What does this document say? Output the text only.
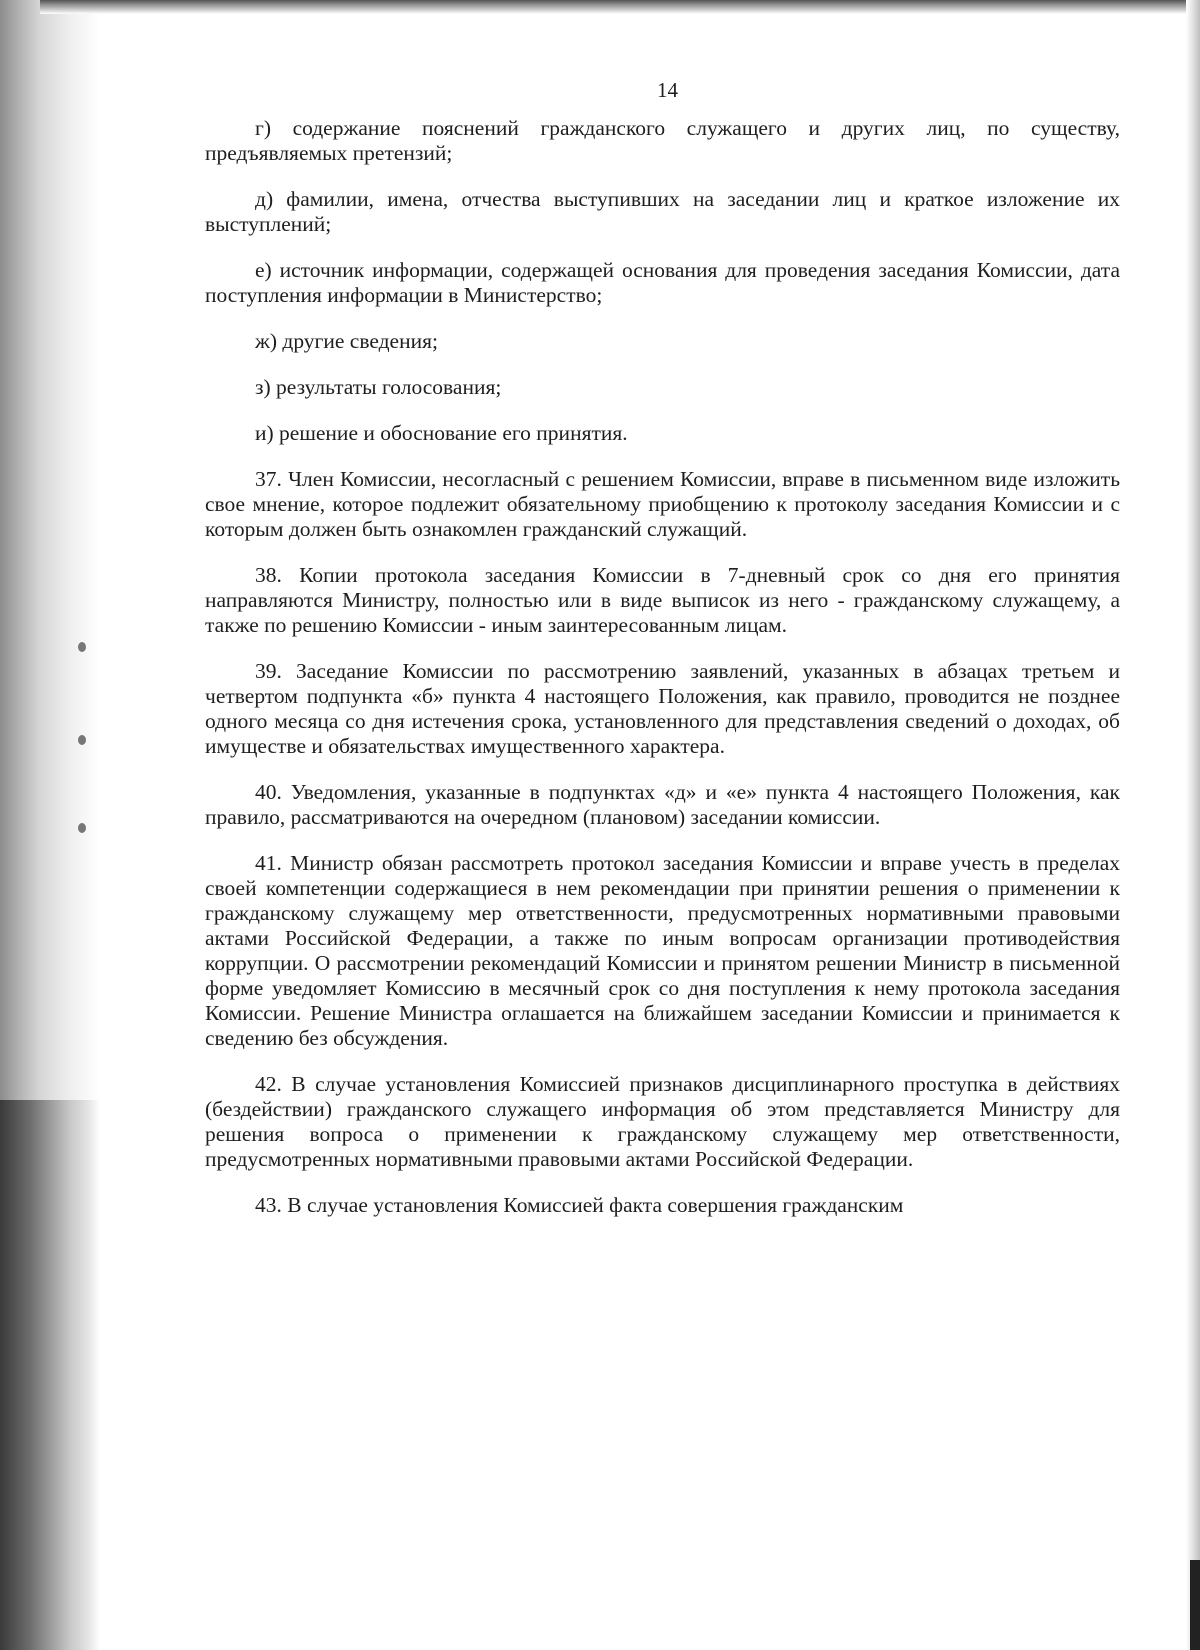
14

г) содержание пояснений гражданского служащего и других лиц, по существу, предъявляемых претензий;

д) фамилии, имена, отчества выступивших на заседании лиц и краткое изложение их выступлений;

е) источник информации, содержащей основания для проведения заседания Комиссии, дата поступления информации в Министерство;

ж) другие сведения;

з) результаты голосования;

и) решение и обоснование его принятия.

37. Член Комиссии, несогласный с решением Комиссии, вправе в письменном виде изложить свое мнение, которое подлежит обязательному приобщению к протоколу заседания Комиссии и с которым должен быть ознакомлен гражданский служащий.

38. Копии протокола заседания Комиссии в 7-дневный срок со дня его принятия направляются Министру, полностью или в виде выписок из него - гражданскому служащему, а также по решению Комиссии - иным заинтересованным лицам.

39. Заседание Комиссии по рассмотрению заявлений, указанных в абзацах третьем и четвертом подпункта «б» пункта 4 настоящего Положения, как правило, проводится не позднее одного месяца со дня истечения срока, установленного для представления сведений о доходах, об имуществе и обязательствах имущественного характера.

40. Уведомления, указанные в подпунктах «д» и «е» пункта 4 настоящего Положения, как правило, рассматриваются на очередном (плановом) заседании комиссии.

41. Министр обязан рассмотреть протокол заседания Комиссии и вправе учесть в пределах своей компетенции содержащиеся в нем рекомендации при принятии решения о применении к гражданскому служащему мер ответственности, предусмотренных нормативными правовыми актами Российской Федерации, а также по иным вопросам организации противодействия коррупции. О рассмотрении рекомендаций Комиссии и принятом решении Министр в письменной форме уведомляет Комиссию в месячный срок со дня поступления к нему протокола заседания Комиссии. Решение Министра оглашается на ближайшем заседании Комиссии и принимается к сведению без обсуждения.

42. В случае установления Комиссией признаков дисциплинарного проступка в действиях (бездействии) гражданского служащего информация об этом представляется Министру для решения вопроса о применении к гражданскому служащему мер ответственности, предусмотренных нормативными правовыми актами Российской Федерации.

43. В случае установления Комиссией факта совершения гражданским
